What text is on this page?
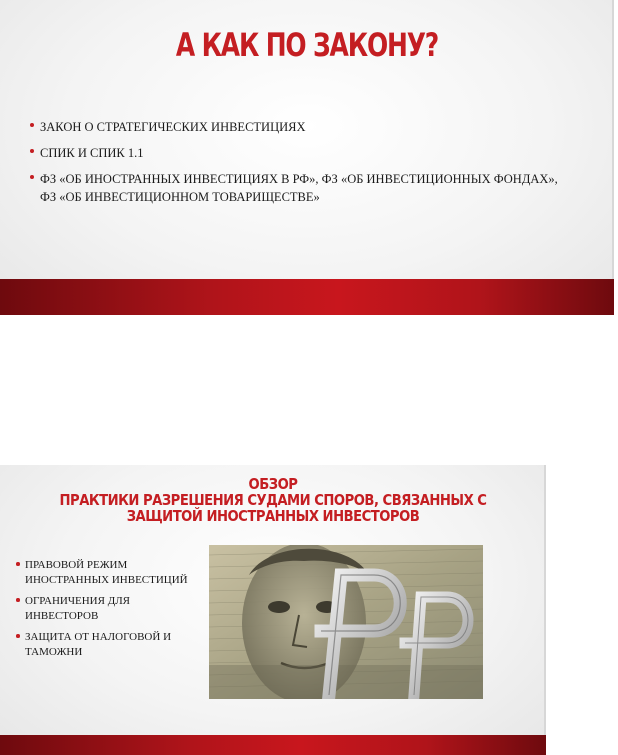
А КАК ПО ЗАКОНУ?
ЗАКОН О СТРАТЕГИЧЕСКИХ ИНВЕСТИЦИЯХ
СПИК И СПИК 1.1
ФЗ «ОБ ИНОСТРАННЫХ ИНВЕСТИЦИЯХ В РФ», ФЗ «ОБ ИНВЕСТИЦИОННЫХ ФОНДАХ», ФЗ «ОБ ИНВЕСТИЦИОННОМ ТОВАРИЩЕСТВЕ»
ОБЗОР
ПРАКТИКИ РАЗРЕШЕНИЯ СУДАМИ СПОРОВ, СВЯЗАННЫХ С
ЗАЩИТОЙ ИНОСТРАННЫХ ИНВЕСТОРОВ
ПРАВОВОЙ РЕЖИМ ИНОСТРАННЫХ ИНВЕСТИЦИЙ
ОГРАНИЧЕНИЯ ДЛЯ ИНВЕСТОРОВ
ЗАЩИТА ОТ НАЛОГОВОЙ И ТАМОЖНИ
